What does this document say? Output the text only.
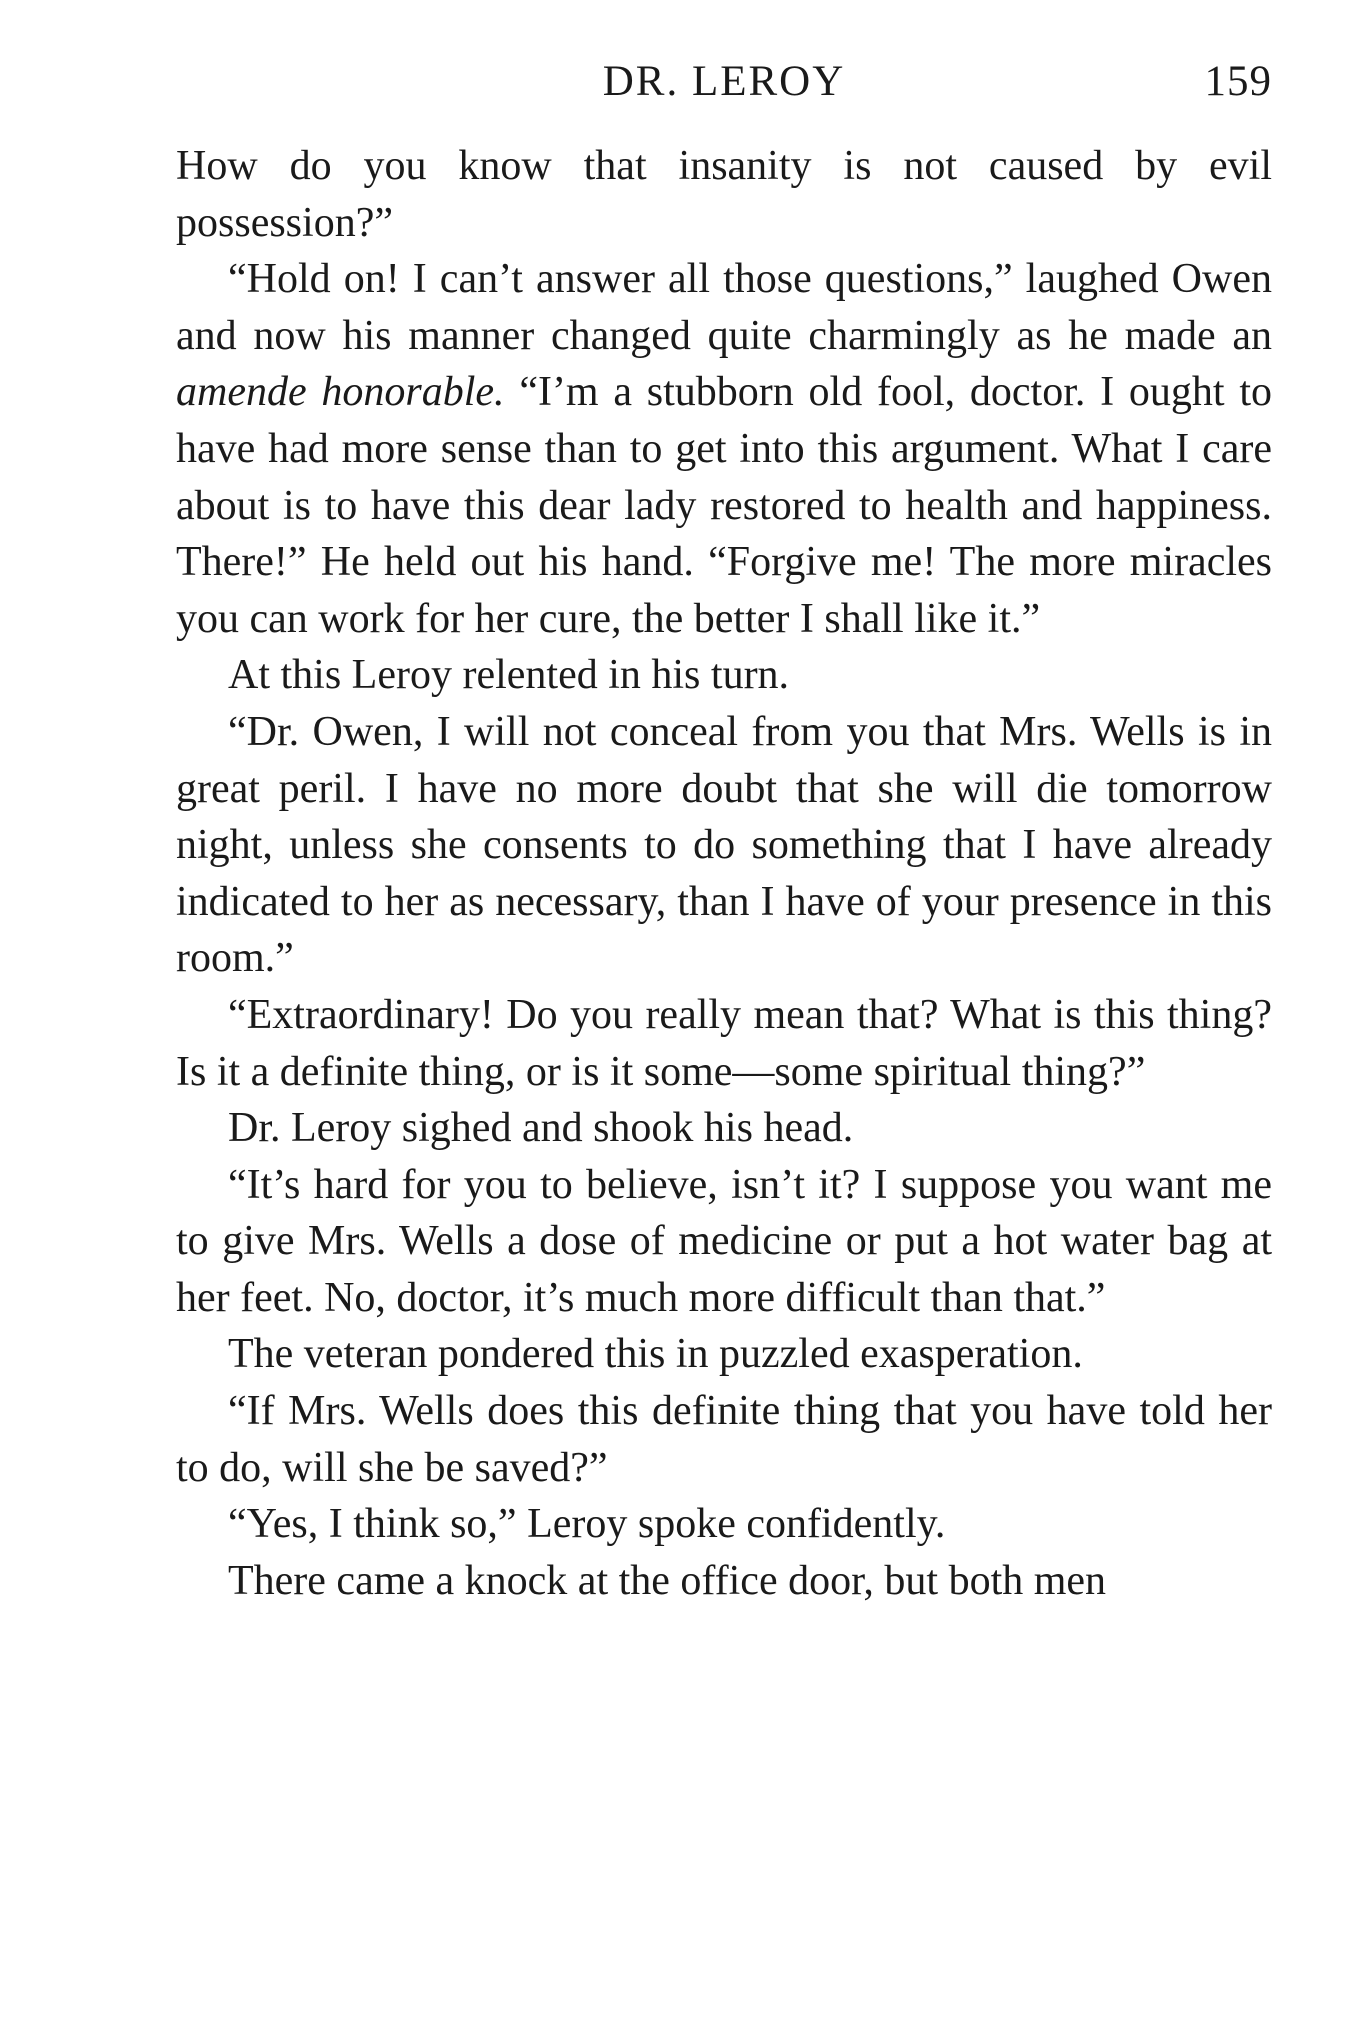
DR. LEROY	159

How do you know that insanity is not caused by evil possession?”

“Hold on! I can’t answer all those questions,” laughed Owen and now his manner changed quite charmingly as he made an amende honorable. “I’m a stubborn old fool, doctor. I ought to have had more sense than to get into this argument. What I care about is to have this dear lady restored to health and happiness. There!” He held out his hand. “Forgive me! The more miracles you can work for her cure, the better I shall like it.”

At this Leroy relented in his turn.

“Dr. Owen, I will not conceal from you that Mrs. Wells is in great peril. I have no more doubt that she will die tomorrow night, unless she consents to do something that I have already indicated to her as necessary, than I have of your presence in this room.”

“Extraordinary! Do you really mean that? What is this thing? Is it a definite thing, or is it some—some spiritual thing?”

Dr. Leroy sighed and shook his head.

“It’s hard for you to believe, isn’t it? I suppose you want me to give Mrs. Wells a dose of medicine or put a hot water bag at her feet. No, doctor, it’s much more difficult than that.”

The veteran pondered this in puzzled exasperation.

“If Mrs. Wells does this definite thing that you have told her to do, will she be saved?”

“Yes, I think so,” Leroy spoke confidently.

There came a knock at the office door, but both men
